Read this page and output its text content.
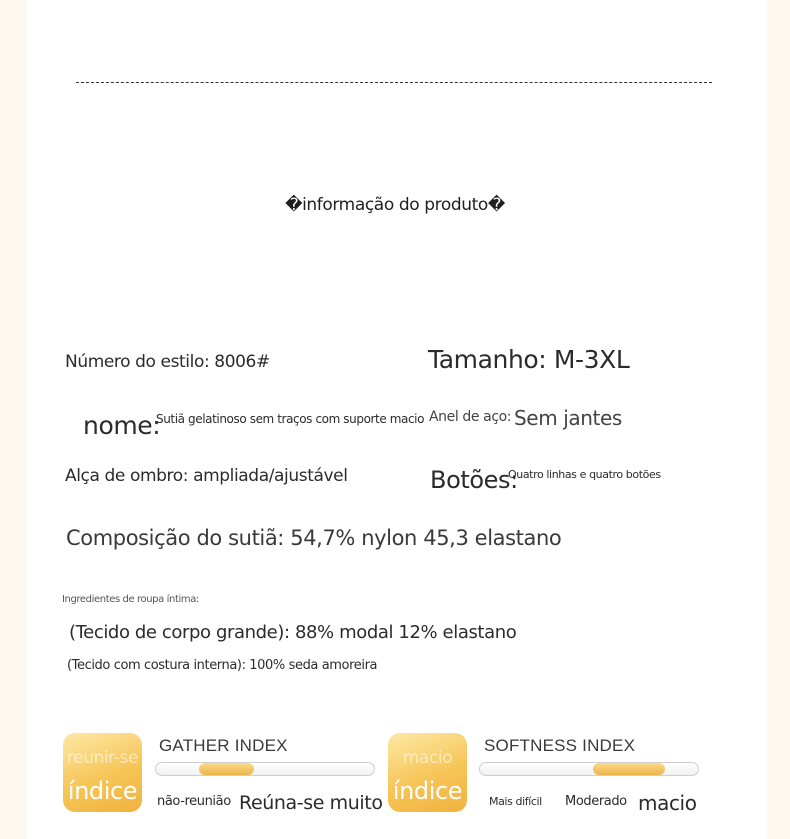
�informação do produto�
Número do estilo: 8006#	Tamanho: M-3XL
nome:
Sutiã gelatinoso sem traços com suporte macio Anel de aço: Sem jantes
Alça de ombro: ampliada/ajustável	Botões:
Quatro linhas e quatro botões
Composição do sutiã: 54,7% nylon 45,3 elastano
Ingredientes de roupa íntima:
(Tecido de corpo grande): 88% modal 12% elastano
(Tecido com costura interna): 100% seda amoreira
reunir-se
índice
GATHER INDEX
não-reunião Reúna-se muito
macio
índice
SOFTNESS INDEX
Mais difícil Moderado macio
